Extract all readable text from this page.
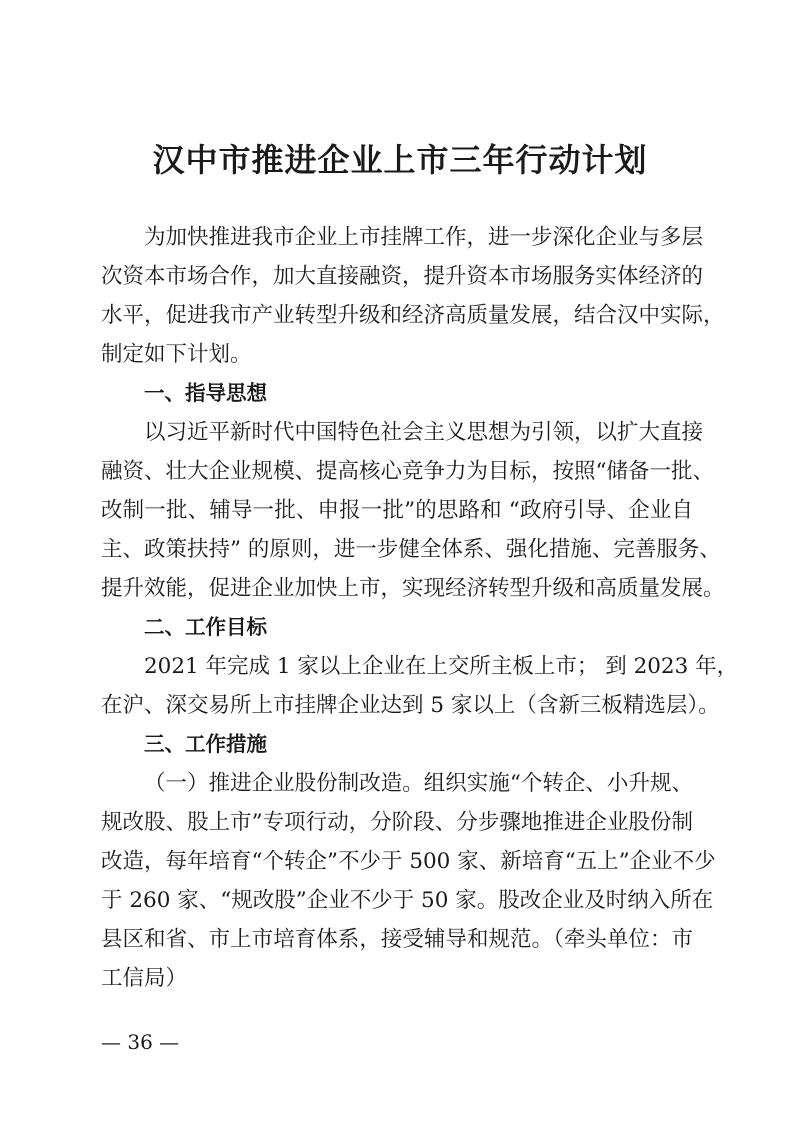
汉中市推进企业上市三年行动计划
为加快推进我市企业上市挂牌工作，进一步深化企业与多层
次资本市场合作，加大直接融资，提升资本市场服务实体经济的
水平，促进我市产业转型升级和经济高质量发展，结合汉中实际，
制定如下计划。
一、指导思想
以习近平新时代中国特色社会主义思想为引领，以扩大直接
融资、壮大企业规模、提高核心竞争力为目标，按照“储备一批、
改制一批、辅导一批、申报一批”的思路和 “政府引导、企业自
主、政策扶持” 的原则，进一步健全体系、强化措施、完善服务、
提升效能，促进企业加快上市，实现经济转型升级和高质量发展。
二、工作目标
2021 年完成 1 家以上企业在上交所主板上市； 到 2023 年，
在沪、深交易所上市挂牌企业达到 5 家以上（含新三板精选层）。
三、工作措施
（一）推进企业股份制改造。组织实施“个转企、小升规、
规改股、股上市”专项行动，分阶段、分步骤地推进企业股份制
改造，每年培育“个转企”不少于 500 家、新培育“五上”企业不少
于 260 家、“规改股”企业不少于 50 家。股改企业及时纳入所在
县区和省、市上市培育体系，接受辅导和规范。（牵头单位：市
工信局）
— 36 —
